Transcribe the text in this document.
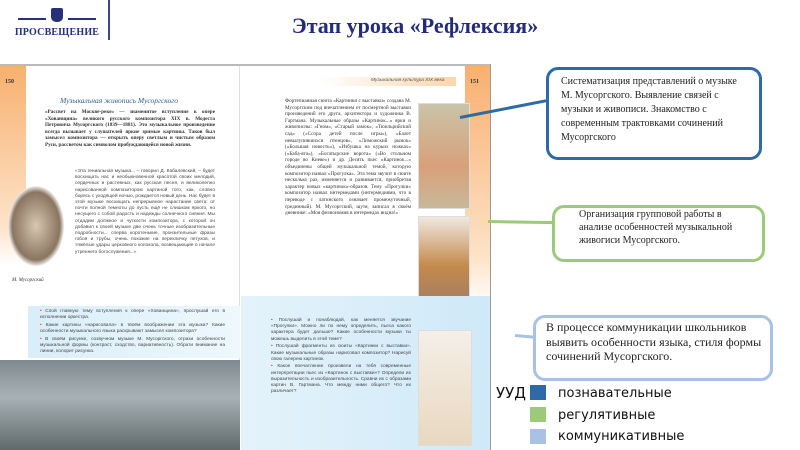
ПРОСВЕЩЕНИЕ	Этап урока «Рефлексия»
150
Музыкальная живопись Мусоргского
«Рассвет на Москве-реке» — знаменитое вступление к опере «Хованщина» великого русского композитора XIX в. Модеста Петровича Мусоргского (1839—1881). Это музыкальное произведение всегда вызывает у слушателей яркие зримые картины. Таков был замысел композитора — открыть оперу светлым и чистым образом Руси, рассветом как символом пробуждающейся новой жизни.
«Эта гениальная музыка... – говорил Д. Кабалевский, – будет восхищать нас и необыкновенной красотой своих мелодий, сердечных и растевных, как русская песня, и великолепно нарисованной композитором картиной того, как, словно борясь с уходящей ночью, рождается новый день. Нас будет в этой музыке восхищать непрерывное нарастание света: от почти полной темноты до пусть ещё не слишком яркого, но несущего с собой радость и надежды солнечного сияния. Мы отдадим должное и чуткости композитора, с которой он добавил к своей музыке две очень точные изобразительные подробности... сперва коротенькие, пронзительные фразы гобоя и трубы, очень похожие на перекличку петухов, и тяжёлые удары церковного колокола, возвещающие о начале утреннего богослужения...»
М. Мусоргский
• Спой главную тему вступления к опере «Хованщина», прослушай его в исполнении оркестра.
• Какие картины «нарисовала» в твоём воображении эта музыка? Какие особенности музыкального языка раскрывают замысел композитора?
• В своём рисунке, созвучном музыке М. Мусоргского, отрази особенности музыкальной формы (контраст, сходство, вариативность). Обрати внимание на линии, колорит рисунка.
Музыкальная культура XIX века	151
Фортепианная сюита «Картинки с выставки» создана М. Мусоргским под впечатлением от посмертной выставки произведений его друга, архитектора и художника В. Гартмана. Музыкальные образы «Картинок...» ярки и живописны: «Гном», «Старый замок», «Тюильрийский сад» («Ссора детей после игры»), «Балет невылупившихся птенцов», «Лиможский рынок» («Большая новость»), «Избушка на курьих ножках» («Баба-яга»), «Богатырские ворота» («Во стольном городе во Киеве») и др. Десять пьес «Картинок...» объединены общей музыкальной темой, которую композитор назвал «Прогулка». Эта тема звучит в сюите несколько раз, изменяется и развивается, приобретая характер новых «картинок»-образов. Тему «Прогулки» композитор назвал интермедами (интермедиями, что в переводе с латинского означает промежуточный, срединный). М. Мусоргский, шутя, записал в своём дневнике: «Моя физиономия в интермедах видна!»
• Послушай и понаблюдай, как меняется звучание «Прогулки». Можно ли по нему определить, пьеса какого характера будет дальше? Какие особенности музыки ты можешь выделить в этой теме?
• Послушай фрагменты из сюиты «Картинки с выставки». Какие музыкальные образы нарисовал композитор? Нарисуй свою галерею картинок.
• Какое впечатление произвели на тебя современные интерпретации пьес из «Картинок с выставки»? Определи их выразительность и изобразительность. Сравни их с образами картин В. Гартмана. Что между ними общего? Что их различает?
Систематизация представлений о музыке М. Мусоргского. Выявление связей с музыки и живописи. Знакомство с современным трактовками сочинений Мусоргского
Организация групповой работы в анализе особенностей музыкальной живогиси Мусоргского.
В процессе коммуникации школьников выявить особенности языка, стиля формы сочинений Мусоргского.
УУД познавательные
регулятивные
коммуникативные
